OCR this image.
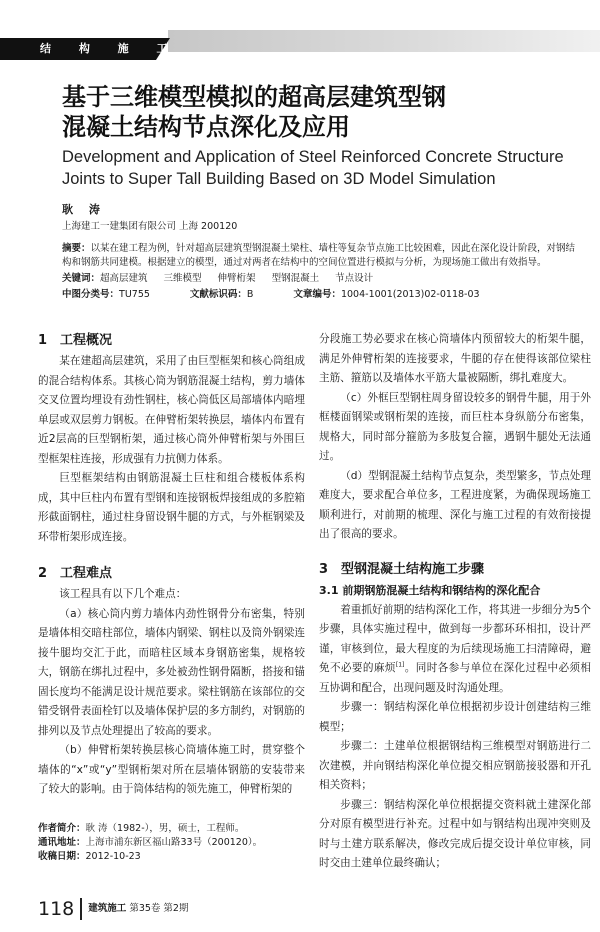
结 构 施 工
基于三维模型模拟的超高层建筑型钢
混凝土结构节点深化及应用
Development and Application of Steel Reinforced Concrete Structure
Joints to Super Tall Building Based on 3D Model Simulation
耿 涛
上海建工一建集团有限公司 上海 200120
摘要：以某在建工程为例，针对超高层建筑型钢混凝土梁柱、墙柱等复杂节点施工比较困难，因此在深化设计阶段，对钢结构和钢筋共同建模。根据建立的模型，通过对两者在结构中的空间位置进行模拟与分析，为现场施工做出有效指导。
关键词：超高层建筑 三维模型 伸臂桁架 型钢混凝土 节点设计
中图分类号：TU755	文献标识码：B	文章编号：1004-1001(2013)02-0118-03
1 工程概况

某在建超高层建筑，采用了由巨型框架和核心筒组成的混合结构体系。其核心筒为钢筋混凝土结构，剪力墙体交叉位置均埋设有劲性钢柱，核心筒低区局部墙体内暗埋单层或双层剪力钢板。在伸臂桁架转换层，墙体内布置有近2层高的巨型钢桁架，通过核心筒外伸臂桁架与外围巨型框架柱连接，形成强有力抗侧力体系。

巨型框架结构由钢筋混凝土巨柱和组合楼板体系构成，其中巨柱内布置有型钢和连接钢板焊接组成的多腔箱形截面钢柱，通过柱身留设钢牛腿的方式，与外框钢梁及环带桁架形成连接。

2 工程难点

该工程具有以下几个难点：

（a）核心筒内剪力墙体内劲性钢骨分布密集，特别是墙体相交暗柱部位，墙体内钢梁、钢柱以及筒外钢梁连接牛腿均交汇于此，而暗柱区域本身钢筋密集，规格较大，钢筋在绑扎过程中，多处被劲性钢骨隔断，搭接和锚固长度均不能满足设计规范要求。梁柱钢筋在该部位的交错受钢骨表面栓钉以及墙体保护层的多方制约，对钢筋的排列以及节点处理提出了较高的要求。

（b）伸臂桁架转换层核心筒墙体施工时，贯穿整个墙体的“x”或“y”型钢桁架对所在层墙体钢筋的安装带来了较大的影响。由于筒体结构的领先施工，伸臂桁架的

作者简介：耿 涛（1982-），男，硕士，工程师。
通讯地址：上海市浦东新区福山路33号（200120）。
收稿日期：2012-10-23

分段施工势必要求在核心筒墙体内预留较大的桁架牛腿，满足外伸臂桁架的连接要求，牛腿的存在使得该部位梁柱主筋、箍筋以及墙体水平筋大量被隔断，绑扎难度大。

（c）外框巨型钢柱周身留设较多的钢骨牛腿，用于外框楼面钢梁或钢桁架的连接，而巨柱本身纵筋分布密集，规格大，同时部分箍筋为多肢复合箍，遇钢牛腿处无法通过。

（d）型钢混凝土结构节点复杂，类型繁多，节点处理难度大，要求配合单位多，工程进度紧，为确保现场施工顺利进行，对前期的梳理、深化与施工过程的有效衔接提出了很高的要求。

3 型钢混凝土结构施工步骤
3.1 前期钢筋混凝土结构和钢结构的深化配合

着重抓好前期的结构深化工作，将其进一步细分为5个步骤，具体实施过程中，做到每一步都环环相扣，设计严谨，审核到位，最大程度的为后续现场施工扫清障碍，避免不必要的麻烦[1]。同时各参与单位在深化过程中必须相互协调和配合，出现问题及时沟通处理。

步骤一：钢结构深化单位根据初步设计创建结构三维模型；

步骤二：土建单位根据钢结构三维模型对钢筋进行二次建模，并向钢结构深化单位提交相应钢筋接驳器和开孔相关资料；

步骤三：钢结构深化单位根据提交资料就土建深化部分对原有模型进行补充。过程中如与钢结构出现冲突则及时与土建方联系解决，修改完成后提交设计单位审核，同时交由土建单位最终确认；

118 建筑施工 第35卷 第2期
